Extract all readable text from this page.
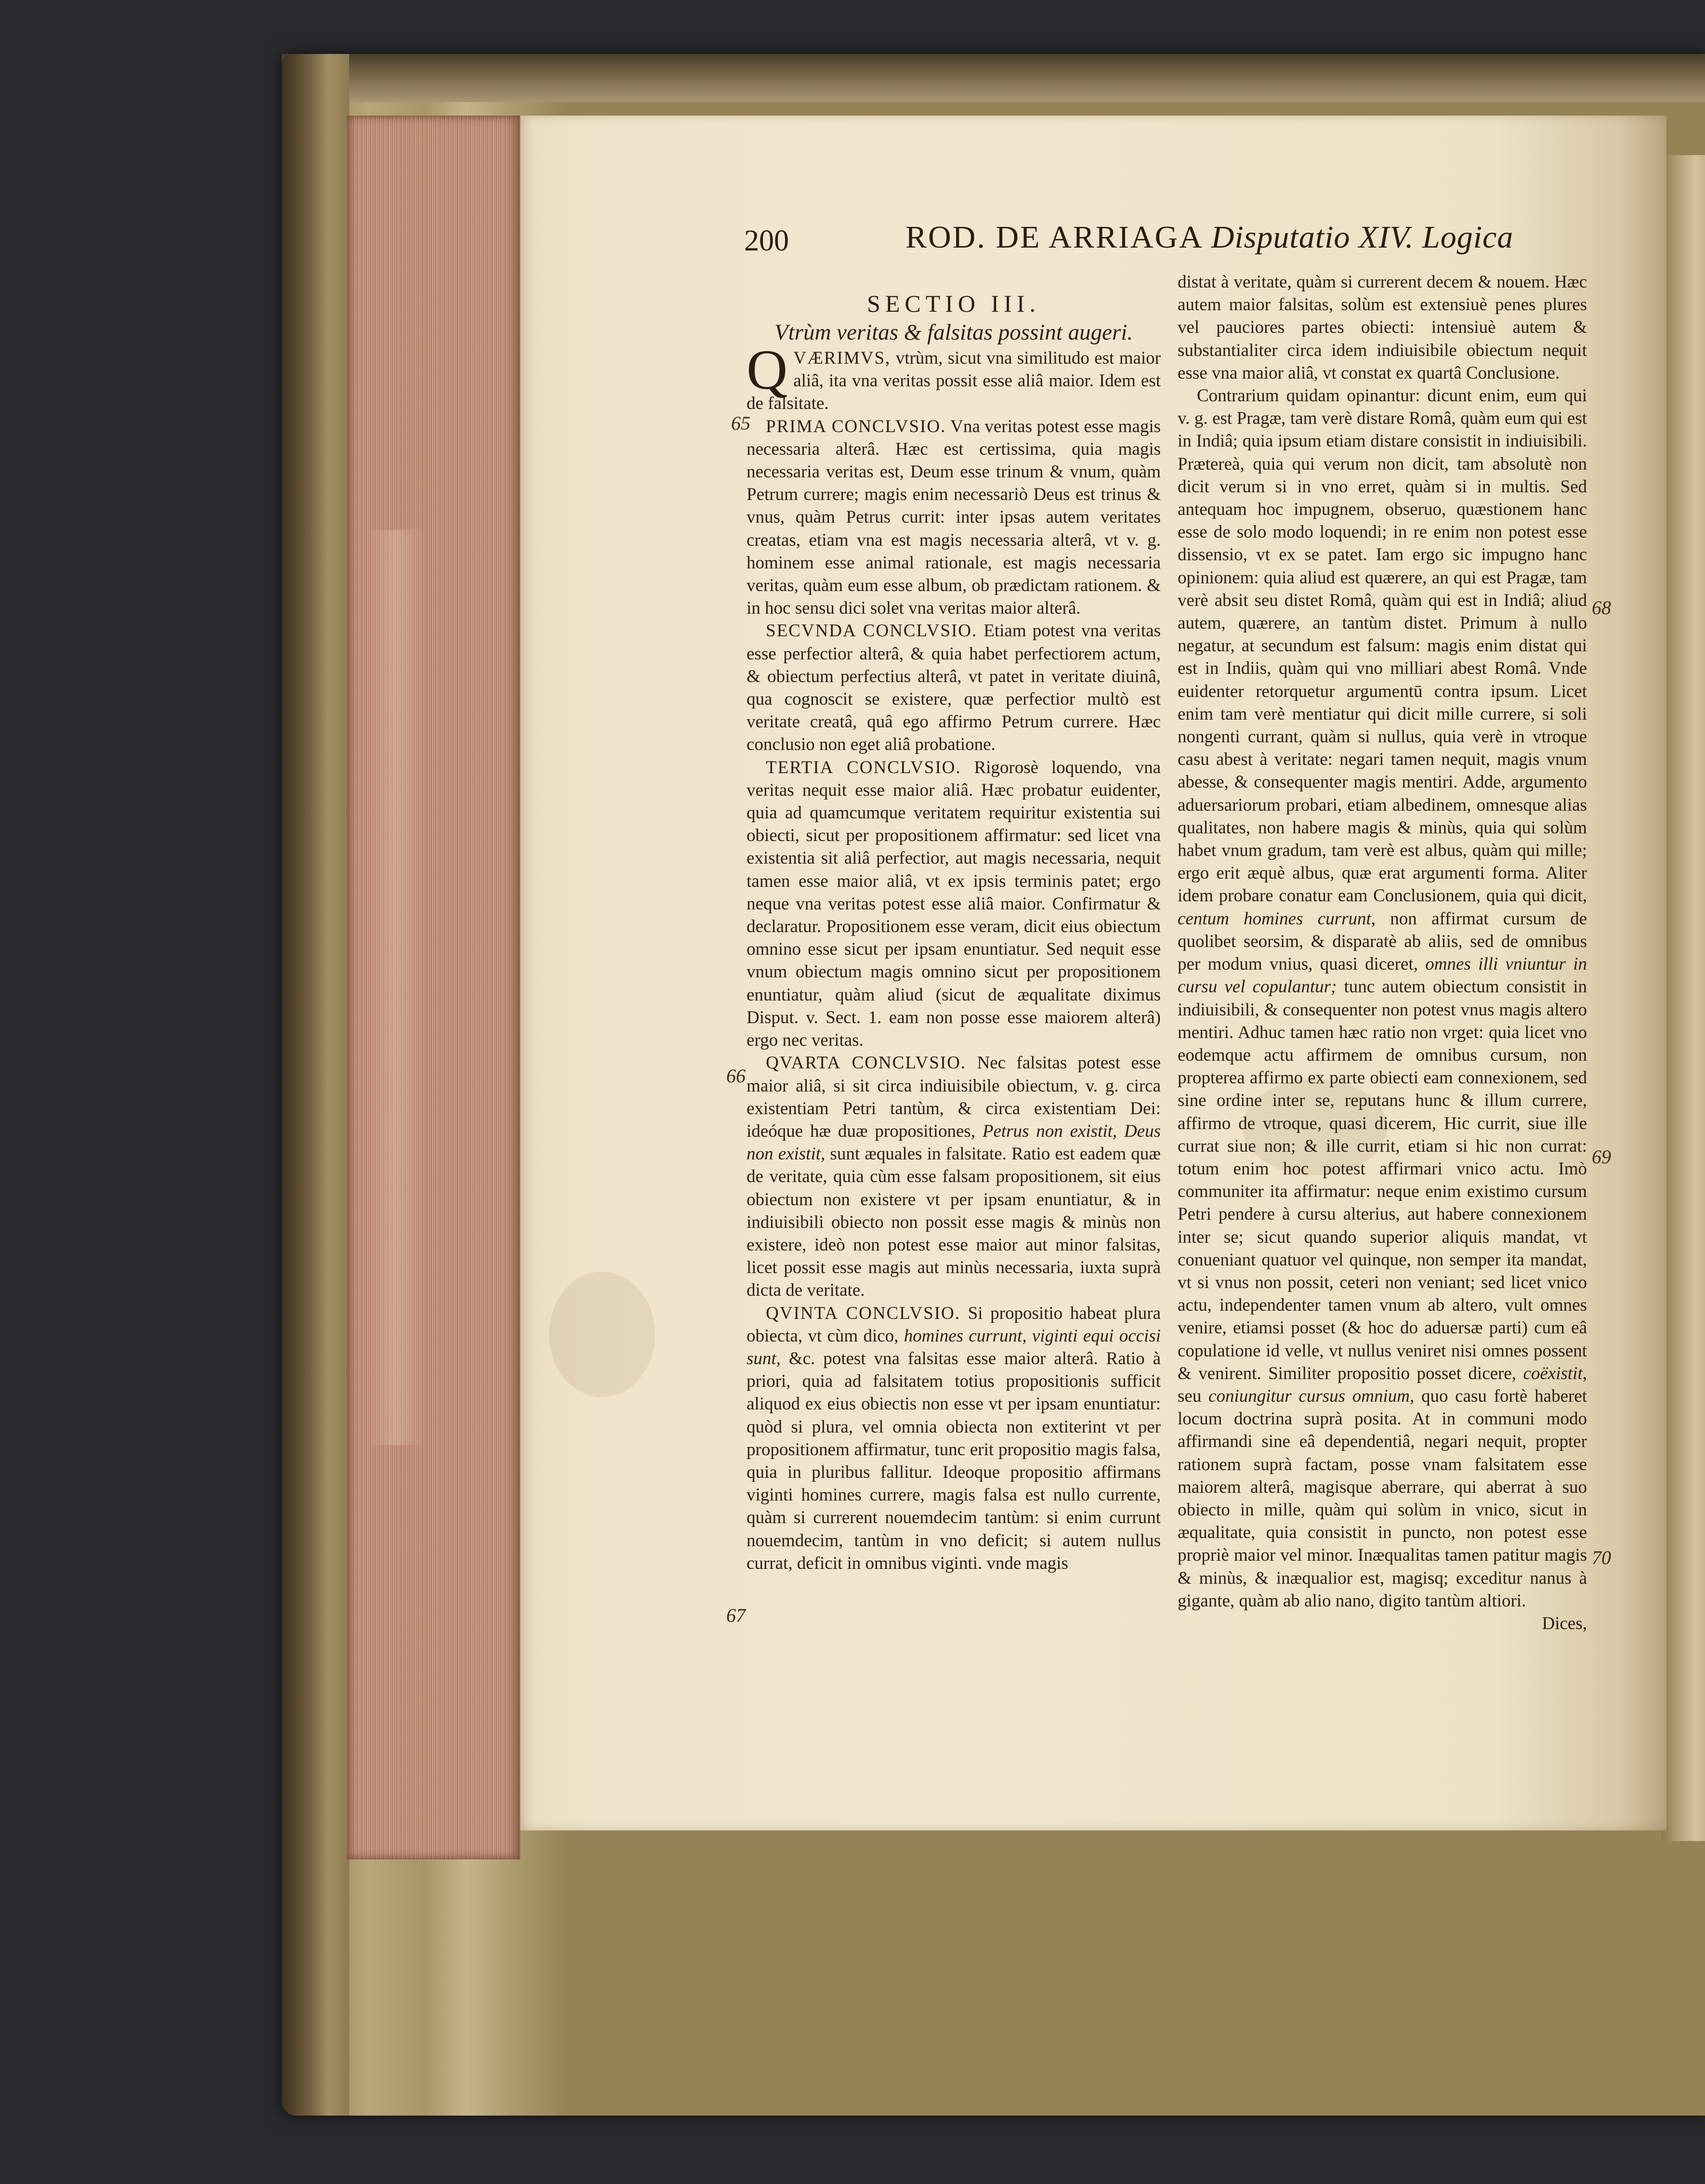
200	ROD. DE ARRIAGA Disputatio XIV. Logica

SECTIO III.

Vtrùm veritas & falsitas possint augeri.

Q VÆRIMVS, vtrùm, sicut vna similitudo est maior aliâ, ita vna veritas possit esse aliâ maior. Idem est de falsitate.

PRIMA CONCLVSIO. Vna veritas potest esse magis necessaria alterâ. Hæc est certissima, quia magis necessaria veritas est, Deum esse trinum & vnum, quàm Petrum currere; magis enim necessariò Deus est trinus & vnus, quàm Petrus currit: inter ipsas autem veritates creatas, etiam vna est magis necessaria alterâ, vt v. g. hominem esse animal rationale, est magis necessaria veritas, quàm eum esse album, ob prædictam rationem. & in hoc sensu dici solet vna veritas maior alterâ.

SECVNDA CONCLVSIO. Etiam potest vna veritas esse perfectior alterâ, & quia habet perfectiorem actum, & obiectum perfectius alterâ, vt patet in veritate diuinâ, qua cognoscit se existere, quæ perfectior multò est veritate creatâ, quâ ego affirmo Petrum currere. Hæc conclusio non eget aliâ probatione.

TERTIA CONCLVSIO. Rigorosè loquendo, vna veritas nequit esse maior aliâ. Hæc probatur euidenter, quia ad quamcumque veritatem requiritur existentia sui obiecti, sicut per propositionem affirmatur: sed licet vna existentia sit aliâ perfectior, aut magis necessaria, nequit tamen esse maior aliâ, vt ex ipsis terminis patet; ergo neque vna veritas potest esse aliâ maior. Confirmatur & declaratur. Propositionem esse veram, dicit eius obiectum omnino esse sicut per ipsam enuntiatur. Sed nequit esse vnum obiectum magis omnino sicut per propositionem enuntiatur, quàm aliud (sicut de æqualitate diximus Disput. v. Sect. 1. eam non posse esse maiorem alterâ) ergo nec veritas.

QVARTA CONCLVSIO. Nec falsitas potest esse maior aliâ, si sit circa indiuisibile obiectum, v. g. circa existentiam Petri tantùm, & circa existentiam Dei: ideóque hæ duæ propositiones, Petrus non existit, Deus non existit, sunt æquales in falsitate. Ratio est eadem quæ de veritate, quia cùm esse falsam propositionem, sit eius obiectum non existere vt per ipsam enuntiatur, & in indiuisibili obiecto non possit esse magis & minùs non existere, ideò non potest esse maior aut minor falsitas, licet possit esse magis aut minùs necessaria, iuxta suprà dicta de veritate.

QVINTA CONCLVSIO. Si propositio habeat plura obiecta, vt cùm dico, homines currunt, viginti equi occisi sunt, &c. potest vna falsitas esse maior alterâ. Ratio à priori, quia ad falsitatem totius propositionis sufficit aliquod ex eius obiectis non esse vt per ipsam enuntiatur: quòd si plura, vel omnia obiecta non extiterint vt per propositionem affirmatur, tunc erit propositio magis falsa, quia in pluribus fallitur. Ideoque propositio affirmans viginti homines currere, magis falsa est nullo currente, quàm si currerent nouemdecim tantùm: si enim currunt nouemdecim, tantùm in vno deficit; si autem nullus currat, deficit in omnibus viginti. vnde magis

distat à veritate, quàm si currerent decem & nouem. Hæc autem maior falsitas, solùm est extensiuè penes plures vel pauciores partes obiecti: intensiuè autem & substantialiter circa idem indiuisibile obiectum nequit esse vna maior aliâ, vt constat ex quartâ Conclusione.

Contrarium quidam opinantur: dicunt enim, eum qui v. g. est Pragæ, tam verè distare Româ, quàm eum qui est in Indiâ; quia ipsum etiam distare consistit in indiuisibili. Prætereà, quia qui verum non dicit, tam absolutè non dicit verum si in vno erret, quàm si in multis. Sed antequam hoc impugnem, obseruo, quæstionem hanc esse de solo modo loquendi; in re enim non potest esse dissensio, vt ex se patet. Iam ergo sic impugno hanc opinionem: quia aliud est quærere, an qui est Pragæ, tam verè absit seu distet Româ, quàm qui est in Indiâ; aliud autem, quærere, an tantùm distet. Primum à nullo negatur, at secundum est falsum: magis enim distat qui est in Indiis, quàm qui vno milliari abest Româ. Vnde euidenter retorquetur argumentū contra ipsum. Licet enim tam verè mentiatur qui dicit mille currere, si soli nongenti currant, quàm si nullus, quia verè in vtroque casu abest à veritate: negari tamen nequit, magis vnum abesse, & consequenter magis mentiri. Adde, argumento aduersariorum probari, etiam albedinem, omnesque alias qualitates, non habere magis & minùs, quia qui solùm habet vnum gradum, tam verè est albus, quàm qui mille; ergo erit æquè albus, quæ erat argumenti forma. Aliter idem probare conatur eam Conclusionem, quia qui dicit, centum homines currunt, non affirmat cursum de quolibet seorsim, & disparatè ab aliis, sed de omnibus per modum vnius, quasi diceret, omnes illi vniuntur in cursu vel copulantur; tunc autem obiectum consistit in indiuisibili, & consequenter non potest vnus magis altero mentiri. Adhuc tamen hæc ratio non vrget: quia licet vno eodemque actu affirmem de omnibus cursum, non propterea affirmo ex parte obiecti eam connexionem, sed sine ordine inter se, reputans hunc & illum currere, affirmo de vtroque, quasi dicerem, Hic currit, siue ille currat siue non; & ille currit, etiam si hic non currat: totum enim hoc potest affirmari vnico actu. Imò communiter ita affirmatur: neque enim existimo cursum Petri pendere à cursu alterius, aut habere connexionem inter se; sicut quando superior aliquis mandat, vt conueniant quatuor vel quinque, non semper ita mandat, vt si vnus non possit, ceteri non veniant; sed licet vnico actu, independenter tamen vnum ab altero, vult omnes venire, etiamsi posset (& hoc do aduersæ parti) cum eâ copulatione id velle, vt nullus veniret nisi omnes possent & venirent. Similiter propositio posset dicere, coëxistit, seu coniungitur cursus omnium, quo casu fortè haberet locum doctrina suprà posita. At in communi modo affirmandi sine eâ dependentiâ, negari nequit, propter rationem suprà factam, posse vnam falsitatem esse maiorem alterâ, magisque aberrare, qui aberrat à suo obiecto in mille, quàm qui solùm in vnico, sicut in æqualitate, quia consistit in puncto, non potest esse propriè maior vel minor. Inæqualitas tamen patitur magis & minùs, & inæqualior est, magisq; exceditur nanus à gigante, quàm ab alio nano, digito tantùm altiori.

Dices,

65
66
67
68
69
70
